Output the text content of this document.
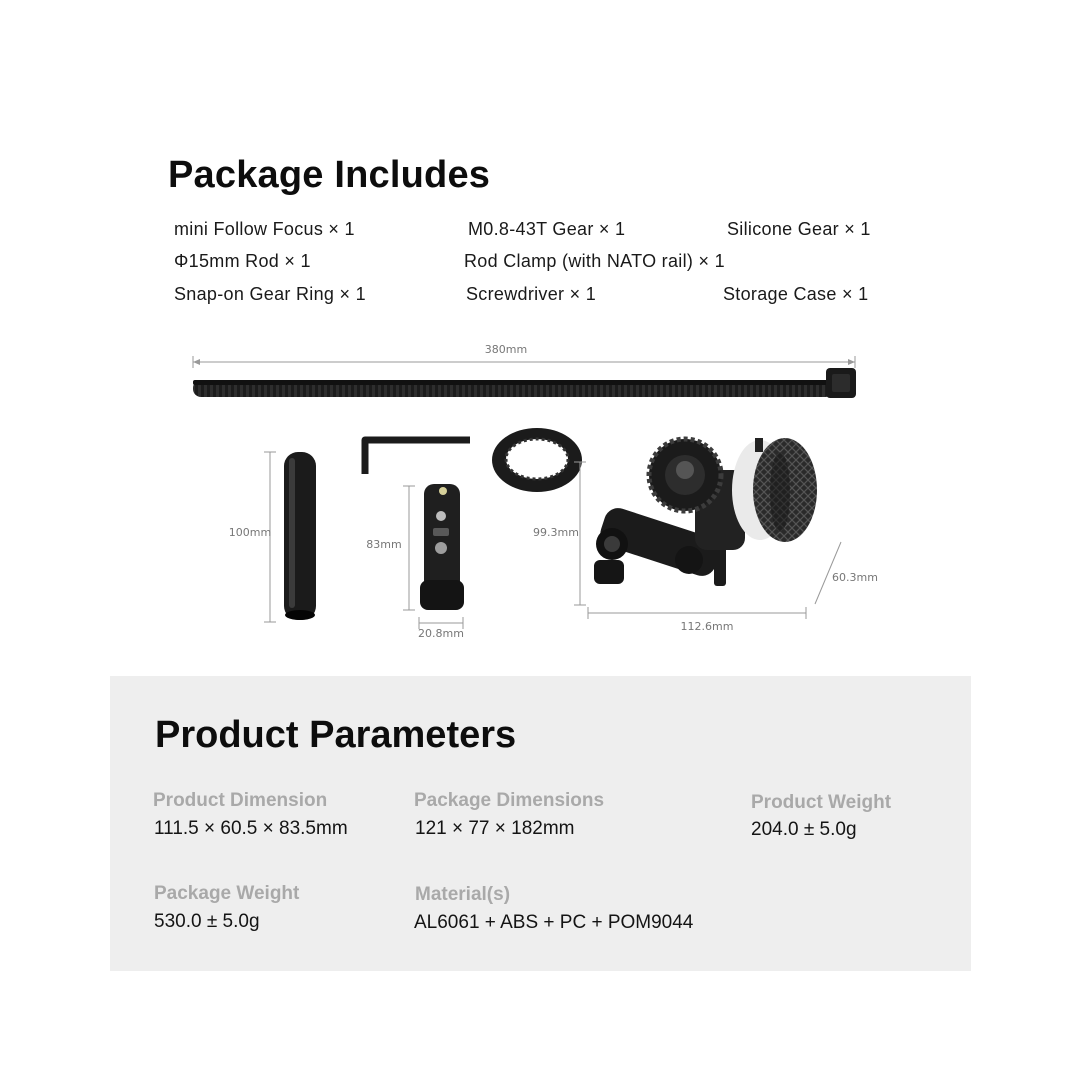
Package Includes
mini Follow Focus × 1	M0.8-43T Gear × 1	Silicone Gear × 1
Φ15mm Rod × 1	Rod Clamp (with NATO rail) × 1
Snap-on Gear Ring × 1	Screwdriver × 1	Storage Case × 1
380mm
100mm
83mm
20.8mm
99.3mm
112.6mm
60.3mm
Product Parameters
Product Dimension
111.5 × 60.5 × 83.5mm
Package Dimensions
121 × 77 × 182mm
Product Weight
204.0 ± 5.0g
Package Weight
530.0 ± 5.0g
Material(s)
AL6061 + ABS + PC + POM9044
